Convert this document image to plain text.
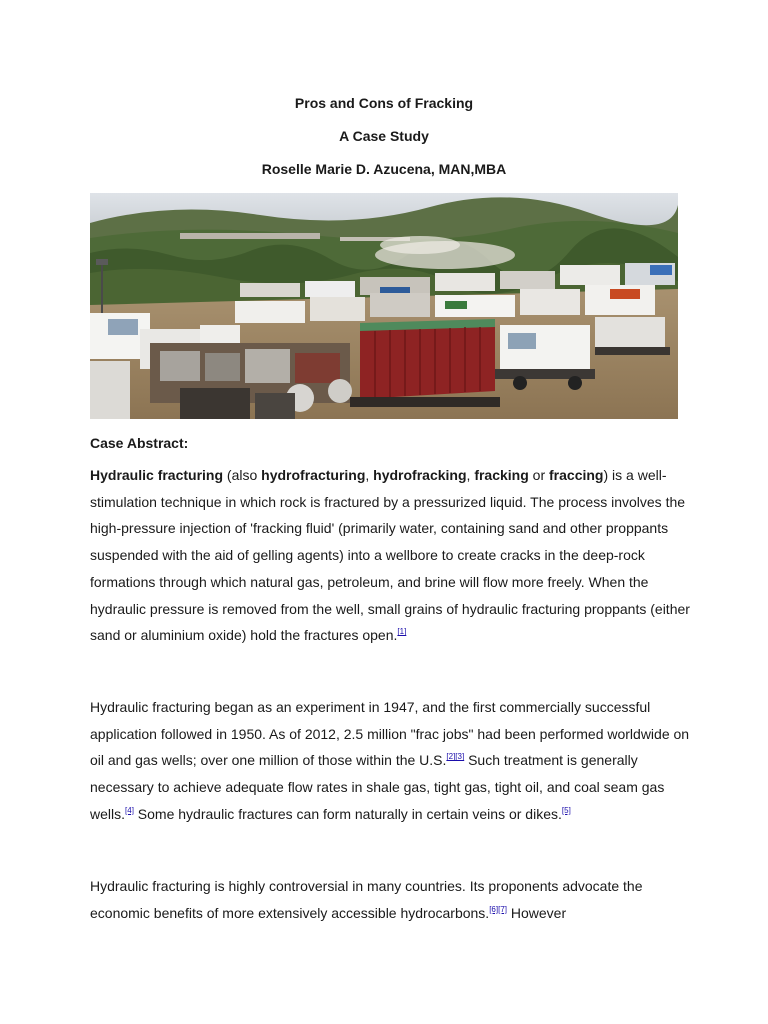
Pros and Cons of Fracking
A Case Study
Roselle Marie D. Azucena, MAN,MBA
Case Abstract:

Hydraulic fracturing (also hydrofracturing, hydrofracking, fracking or fraccing) is a well-stimulation technique in which rock is fractured by a pressurized liquid. The process involves the high-pressure injection of 'fracking fluid' (primarily water, containing sand and other proppants suspended with the aid of gelling agents) into a wellbore to create cracks in the deep-rock formations through which natural gas, petroleum, and brine will flow more freely. When the hydraulic pressure is removed from the well, small grains of hydraulic fracturing proppants (either sand or aluminium oxide) hold the fractures open.[1]

Hydraulic fracturing began as an experiment in 1947, and the first commercially successful application followed in 1950. As of 2012, 2.5 million "frac jobs" had been performed worldwide on oil and gas wells; over one million of those within the U.S.[2][3] Such treatment is generally necessary to achieve adequate flow rates in shale gas, tight gas, tight oil, and coal seam gas wells.[4] Some hydraulic fractures can form naturally in certain veins or dikes.[5]

Hydraulic fracturing is highly controversial in many countries. Its proponents advocate the economic benefits of more extensively accessible hydrocarbons.[6][7] However
